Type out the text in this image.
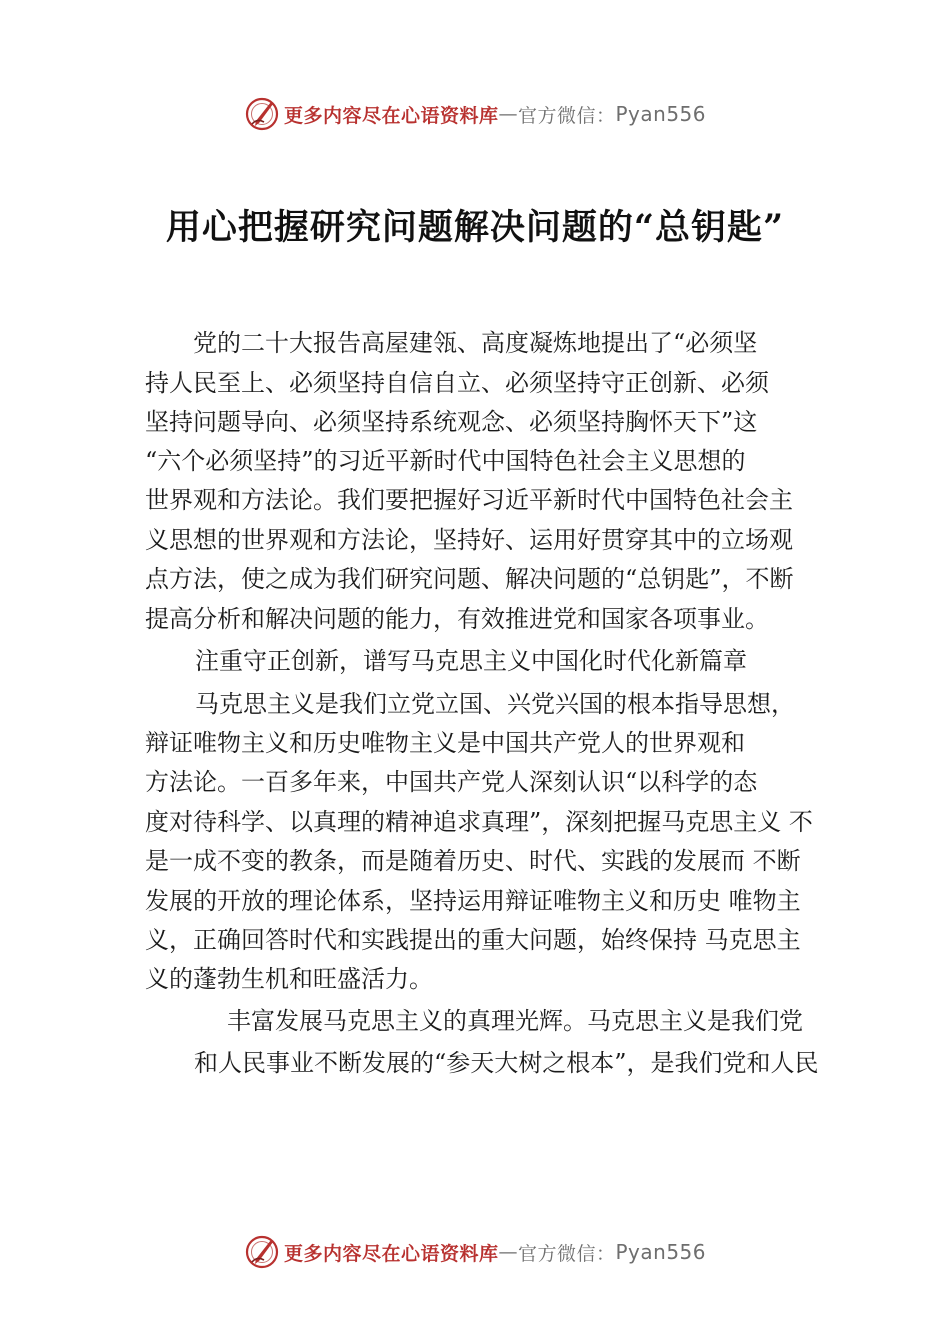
更多内容尽在心语资料库 — 官方微信： Pyan556
用心把握研究问题解决问题的“总钥匙”
党的二十大报告高屋建瓴、高度凝炼地提出了“必须坚
持人民至上、必须坚持自信自立、必须坚持守正创新、必须
坚持问题导向、必须坚持系统观念、必须坚持胸怀天下”这
“六个必须坚持”的习近平新时代中国特色社会主义思想的
世界观和方法论。我们要把握好习近平新时代中国特色社会主
义思想的世界观和方法论，坚持好、运用好贯穿其中的立场观
点方法，使之成为我们研究问题、解决问题的“总钥匙”，不断
提高分析和解决问题的能力，有效推进党和国家各项事业。
注重守正创新，谱写马克思主义中国化时代化新篇章
马克思主义是我们立党立国、兴党兴国的根本指导思想，
辩证唯物主义和历史唯物主义是中国共产党人的世界观和
方法论。一百多年来，中国共产党人深刻认识“以科学的态
度对待科学、以真理的精神追求真理”，深刻把握马克思主义 不
是一成不变的教条，而是随着历史、时代、实践的发展而 不断
发展的开放的理论体系，坚持运用辩证唯物主义和历史 唯物主
义，正确回答时代和实践提出的重大问题，始终保持 马克思主
义的蓬勃生机和旺盛活力。
丰富发展马克思主义的真理光辉。马克思主义是我们党
和人民事业不断发展的“参天大树之根本”，是我们党和人民
更多内容尽在心语资料库 — 官方微信： Pyan556
